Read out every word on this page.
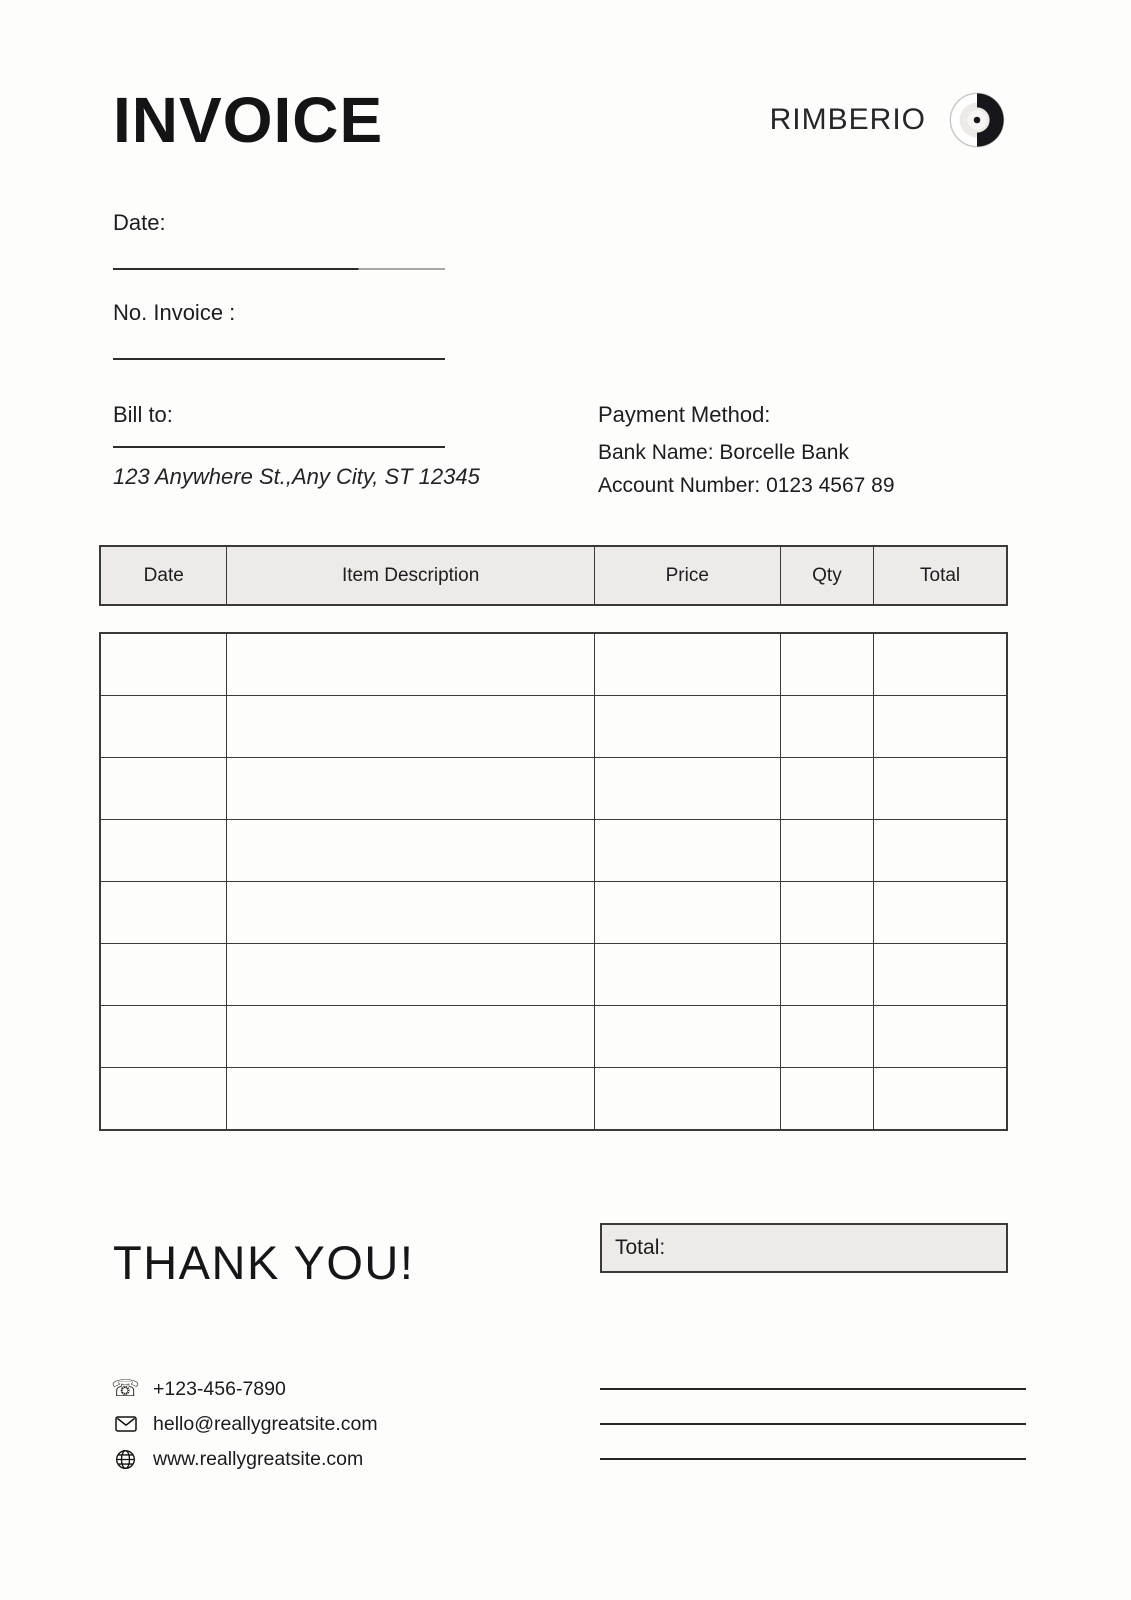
INVOICE	RIMBERIO
Date:
No. Invoice :
Bill to:
123 Anywhere St.,Any City, ST 12345
Payment Method:
Bank Name: Borcelle Bank
Account Number: 0123 4567 89
Date	Item Description	Price	Qty	Total

THANK YOU!	Total:
☏ +123-456-7890
hello@reallygreatsite.com
www.reallygreatsite.com
